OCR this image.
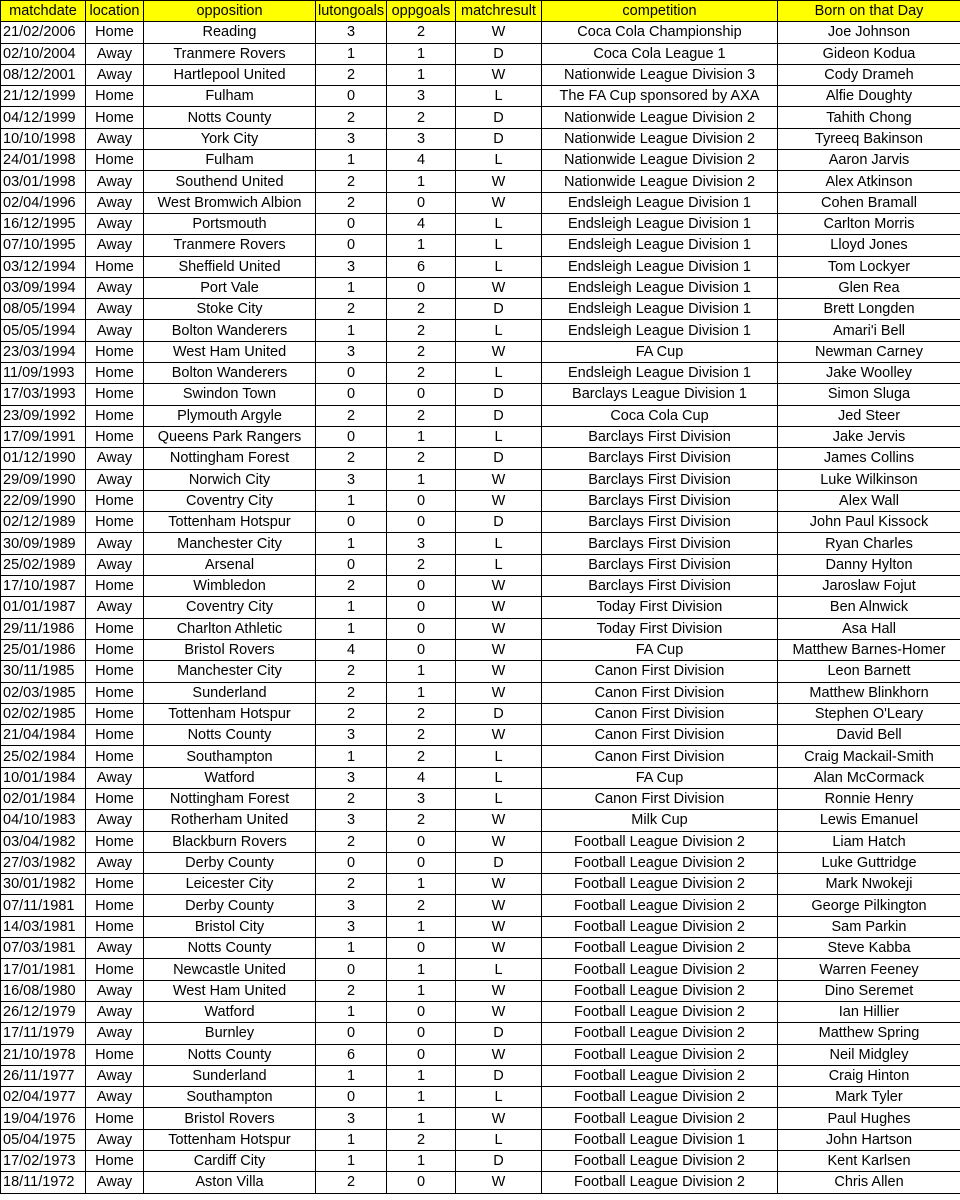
matchdate	location	opposition	lutongoals	oppgoals	matchresult	competition	Born on that Day
21/02/2006	Home	Reading	3	2	W	Coca Cola Championship	Joe Johnson
02/10/2004	Away	Tranmere Rovers	1	1	D	Coca Cola League 1	Gideon Kodua
08/12/2001	Away	Hartlepool United	2	1	W	Nationwide League Division 3	Cody Drameh
21/12/1999	Home	Fulham	0	3	L	The FA Cup sponsored by AXA	Alfie Doughty
04/12/1999	Home	Notts County	2	2	D	Nationwide League Division 2	Tahith Chong
10/10/1998	Away	York City	3	3	D	Nationwide League Division 2	Tyreeq Bakinson
24/01/1998	Home	Fulham	1	4	L	Nationwide League Division 2	Aaron Jarvis
03/01/1998	Away	Southend United	2	1	W	Nationwide League Division 2	Alex Atkinson
02/04/1996	Away	West Bromwich Albion	2	0	W	Endsleigh League Division 1	Cohen Bramall
16/12/1995	Away	Portsmouth	0	4	L	Endsleigh League Division 1	Carlton Morris
07/10/1995	Away	Tranmere Rovers	0	1	L	Endsleigh League Division 1	Lloyd Jones
03/12/1994	Home	Sheffield United	3	6	L	Endsleigh League Division 1	Tom Lockyer
03/09/1994	Away	Port Vale	1	0	W	Endsleigh League Division 1	Glen Rea
08/05/1994	Away	Stoke City	2	2	D	Endsleigh League Division 1	Brett Longden
05/05/1994	Away	Bolton Wanderers	1	2	L	Endsleigh League Division 1	Amari'i Bell
23/03/1994	Home	West Ham United	3	2	W	FA Cup	Newman Carney
11/09/1993	Home	Bolton Wanderers	0	2	L	Endsleigh League Division 1	Jake Woolley
17/03/1993	Home	Swindon Town	0	0	D	Barclays League Division 1	Simon Sluga
23/09/1992	Home	Plymouth Argyle	2	2	D	Coca Cola Cup	Jed Steer
17/09/1991	Home	Queens Park Rangers	0	1	L	Barclays First Division	Jake Jervis
01/12/1990	Away	Nottingham Forest	2	2	D	Barclays First Division	James Collins
29/09/1990	Away	Norwich City	3	1	W	Barclays First Division	Luke Wilkinson
22/09/1990	Home	Coventry City	1	0	W	Barclays First Division	Alex Wall
02/12/1989	Home	Tottenham Hotspur	0	0	D	Barclays First Division	John Paul Kissock
30/09/1989	Away	Manchester City	1	3	L	Barclays First Division	Ryan Charles
25/02/1989	Away	Arsenal	0	2	L	Barclays First Division	Danny Hylton
17/10/1987	Home	Wimbledon	2	0	W	Barclays First Division	Jaroslaw Fojut
01/01/1987	Away	Coventry City	1	0	W	Today First Division	Ben Alnwick
29/11/1986	Home	Charlton Athletic	1	0	W	Today First Division	Asa Hall
25/01/1986	Home	Bristol Rovers	4	0	W	FA Cup	Matthew Barnes-Homer
30/11/1985	Home	Manchester City	2	1	W	Canon First Division	Leon Barnett
02/03/1985	Home	Sunderland	2	1	W	Canon First Division	Matthew Blinkhorn
02/02/1985	Home	Tottenham Hotspur	2	2	D	Canon First Division	Stephen O'Leary
21/04/1984	Home	Notts County	3	2	W	Canon First Division	David Bell
25/02/1984	Home	Southampton	1	2	L	Canon First Division	Craig Mackail-Smith
10/01/1984	Away	Watford	3	4	L	FA Cup	Alan McCormack
02/01/1984	Home	Nottingham Forest	2	3	L	Canon First Division	Ronnie Henry
04/10/1983	Away	Rotherham United	3	2	W	Milk Cup	Lewis Emanuel
03/04/1982	Home	Blackburn Rovers	2	0	W	Football League Division 2	Liam Hatch
27/03/1982	Away	Derby County	0	0	D	Football League Division 2	Luke Guttridge
30/01/1982	Home	Leicester City	2	1	W	Football League Division 2	Mark Nwokeji
07/11/1981	Home	Derby County	3	2	W	Football League Division 2	George Pilkington
14/03/1981	Home	Bristol City	3	1	W	Football League Division 2	Sam Parkin
07/03/1981	Away	Notts County	1	0	W	Football League Division 2	Steve Kabba
17/01/1981	Home	Newcastle United	0	1	L	Football League Division 2	Warren Feeney
16/08/1980	Away	West Ham United	2	1	W	Football League Division 2	Dino Seremet
26/12/1979	Away	Watford	1	0	W	Football League Division 2	Ian Hillier
17/11/1979	Away	Burnley	0	0	D	Football League Division 2	Matthew Spring
21/10/1978	Home	Notts County	6	0	W	Football League Division 2	Neil Midgley
26/11/1977	Away	Sunderland	1	1	D	Football League Division 2	Craig Hinton
02/04/1977	Away	Southampton	0	1	L	Football League Division 2	Mark Tyler
19/04/1976	Home	Bristol Rovers	3	1	W	Football League Division 2	Paul Hughes
05/04/1975	Away	Tottenham Hotspur	1	2	L	Football League Division 1	John Hartson
17/02/1973	Home	Cardiff City	1	1	D	Football League Division 2	Kent Karlsen
18/11/1972	Away	Aston Villa	2	0	W	Football League Division 2	Chris Allen
